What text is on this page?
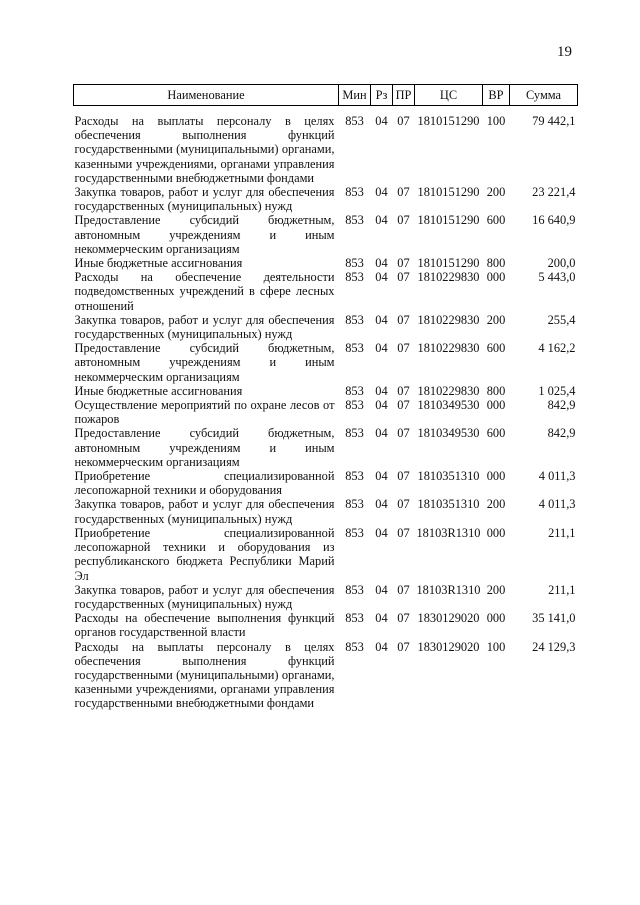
19
Наименование	Мин	Рз	ПР	ЦС	ВР	Сумма
Расходы на выплаты персоналу в целях обеспечения выполнения функций государственными (муниципальными) органами, казенными учреждениями, органами управления государственными внебюджетными фондами	853	04	07	1810151290	100	79 442,1
Закупка товаров, работ и услуг для обеспечения государственных (муниципальных) нужд	853	04	07	1810151290	200	23 221,4
Предоставление субсидий бюджетным, автономным учреждениям и иным некоммерческим организациям	853	04	07	1810151290	600	16 640,9
Иные бюджетные ассигнования	853	04	07	1810151290	800	200,0
Расходы на обеспечение деятельности подведомственных учреждений в сфере лесных отношений	853	04	07	1810229830	000	5 443,0
Закупка товаров, работ и услуг для обеспечения государственных (муниципальных) нужд	853	04	07	1810229830	200	255,4
Предоставление субсидий бюджетным, автономным учреждениям и иным некоммерческим организациям	853	04	07	1810229830	600	4 162,2
Иные бюджетные ассигнования	853	04	07	1810229830	800	1 025,4
Осуществление мероприятий по охране лесов от пожаров	853	04	07	1810349530	000	842,9
Предоставление субсидий бюджетным, автономным учреждениям и иным некоммерческим организациям	853	04	07	1810349530	600	842,9
Приобретение специализированной лесопожарной техники и оборудования	853	04	07	1810351310	000	4 011,3
Закупка товаров, работ и услуг для обеспечения государственных (муниципальных) нужд	853	04	07	1810351310	200	4 011,3
Приобретение специализированной лесопожарной техники и оборудования из республиканского бюджета Республики Марий Эл	853	04	07	18103R1310	000	211,1
Закупка товаров, работ и услуг для обеспечения государственных (муниципальных) нужд	853	04	07	18103R1310	200	211,1
Расходы на обеспечение выполнения функций органов государственной власти	853	04	07	1830129020	000	35 141,0
Расходы на выплаты персоналу в целях обеспечения выполнения функций государственными (муниципальными) органами, казенными учреждениями, органами управления государственными внебюджетными фондами	853	04	07	1830129020	100	24 129,3
